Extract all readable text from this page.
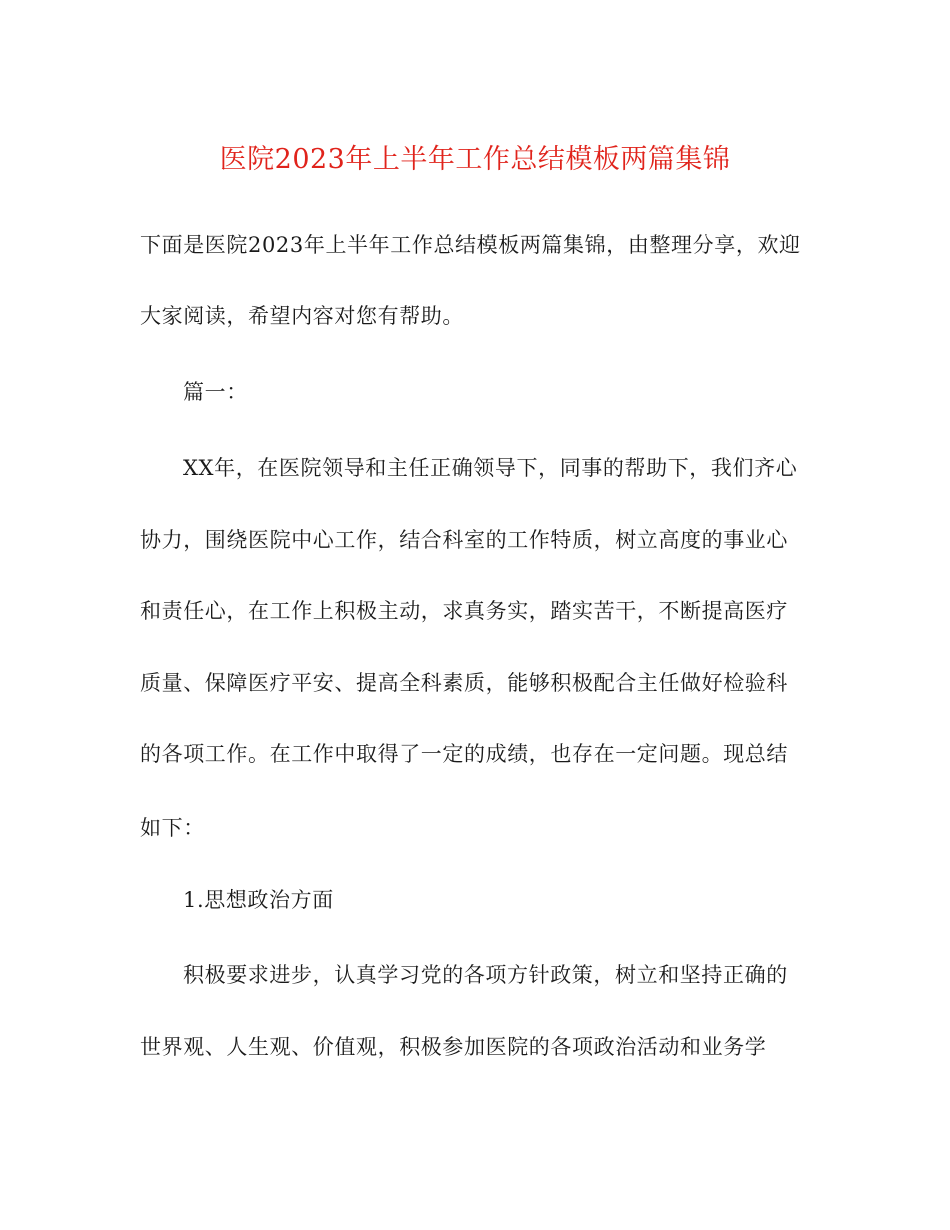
医院2023年上半年工作总结模板两篇集锦
下面是医院2023年上半年工作总结模板两篇集锦，由整理分享，欢迎
大家阅读，希望内容对您有帮助。
篇一：
XX年，在医院领导和主任正确领导下，同事的帮助下，我们齐心
协力，围绕医院中心工作，结合科室的工作特质，树立高度的事业心
和责任心，在工作上积极主动，求真务实，踏实苦干，不断提高医疗
质量、保障医疗平安、提高全科素质，能够积极配合主任做好检验科
的各项工作。在工作中取得了一定的成绩，也存在一定问题。现总结
如下：
1.思想政治方面
积极要求进步，认真学习党的各项方针政策，树立和坚持正确的
世界观、人生观、价值观，积极参加医院的各项政治活动和业务学
